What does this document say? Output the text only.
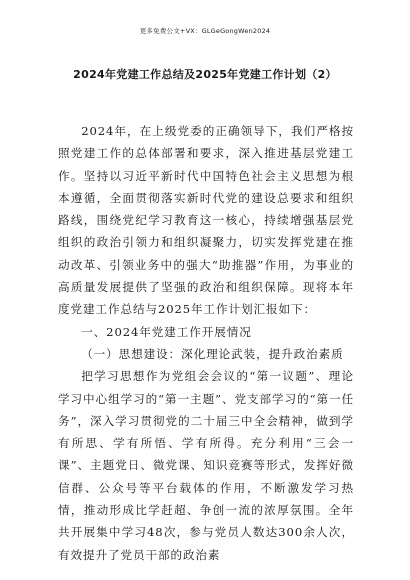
更多免费公文+VX：GLGeGongWen2024
2024年党建工作总结及2025年党建工作计划（2）

2024年，在上级党委的正确领导下，我们严格按照党建工作的总体部署和要求，深入推进基层党建工作。坚持以习近平新时代中国特色社会主义思想为根本遵循，全面贯彻落实新时代党的建设总要求和组织路线，围绕党纪学习教育这一核心，持续增强基层党组织的政治引领力和组织凝聚力，切实发挥党建在推动改革、引领业务中的强大“助推器”作用，为事业的高质量发展提供了坚强的政治和组织保障。现将本年度党建工作总结与2025年工作计划汇报如下：

一、2024年党建工作开展情况

（一）思想建设：深化理论武装，提升政治素质

把学习思想作为党组会会议的“第一议题”、理论学习中心组学习的“第一主题”、党支部学习的“第一任务”，深入学习贯彻党的二十届三中全会精神，做到学有所思、学有所悟、学有所得。充分利用“三会一课”、主题党日、微党课、知识竞赛等形式，发挥好微信群、公众号等平台载体的作用，不断激发学习热情，推动形成比学赶超、争创一流的浓厚氛围。全年共开展集中学习48次，参与党员人数达300余人次，有效提升了党员干部的政治素
